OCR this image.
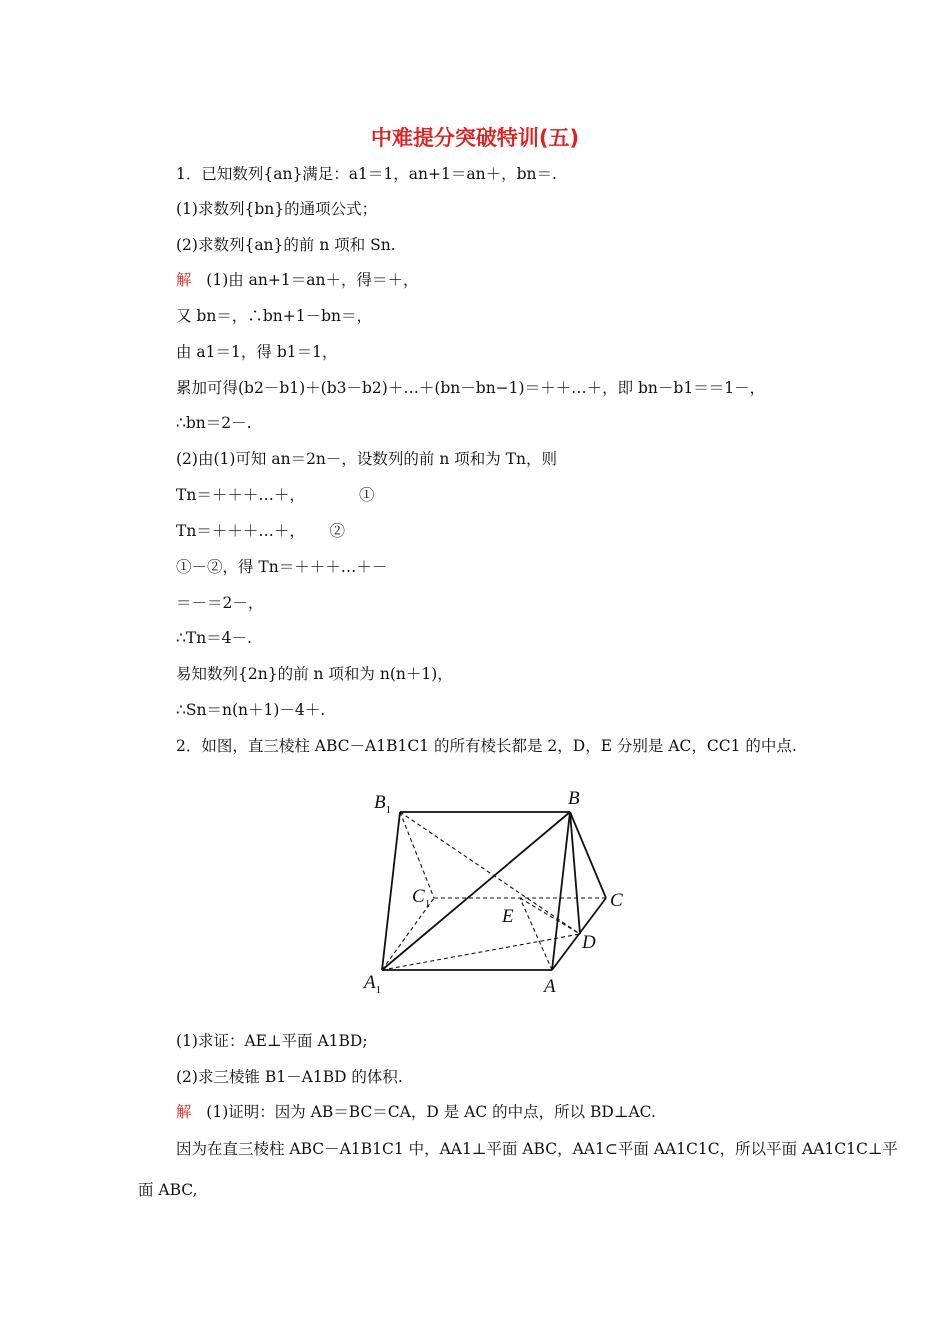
中难提分突破特训(五)
1．已知数列{an}满足：a1＝1，an+1＝an＋，bn＝.
(1)求数列{bn}的通项公式；
(2)求数列{an}的前 n 项和 Sn.
解 (1)由 an+1＝an＋，得＝＋，
又 bn＝，∴bn+1－bn＝，
由 a1＝1，得 b1＝1，
累加可得(b2－b1)＋(b3－b2)＋…＋(bn－bn−1)＝＋＋…＋，即 bn－b1＝＝1－，
∴bn＝2－.
(2)由(1)可知 an＝2n－，设数列的前 n 项和为 Tn，则
Tn＝＋＋＋…＋，           ①
Tn＝＋＋＋…＋，     ②
①－②，得 Tn＝＋＋＋…＋－
＝－＝2－，
∴Tn＝4－.
易知数列{2n}的前 n 项和为 n(n＋1)，
∴Sn＝n(n＋1)－4＋.
2．如图，直三棱柱 ABC－A1B1C1 的所有棱长都是 2，D，E 分别是 AC，CC1 的中点.
$B_1$
B
$C_1$	C
E
D
$A_1$	A
(1)求证：AE⊥平面 A1BD;
(2)求三棱锥 B1－A1BD 的体积.
解 (1)证明：因为 AB＝BC＝CA，D 是 AC 的中点，所以 BD⊥AC.
因为在直三棱柱 ABC－A1B1C1 中，AA1⊥平面 ABC，AA1⊂平面 AA1C1C，所以平面 AA1C1C⊥平
面 ABC,
